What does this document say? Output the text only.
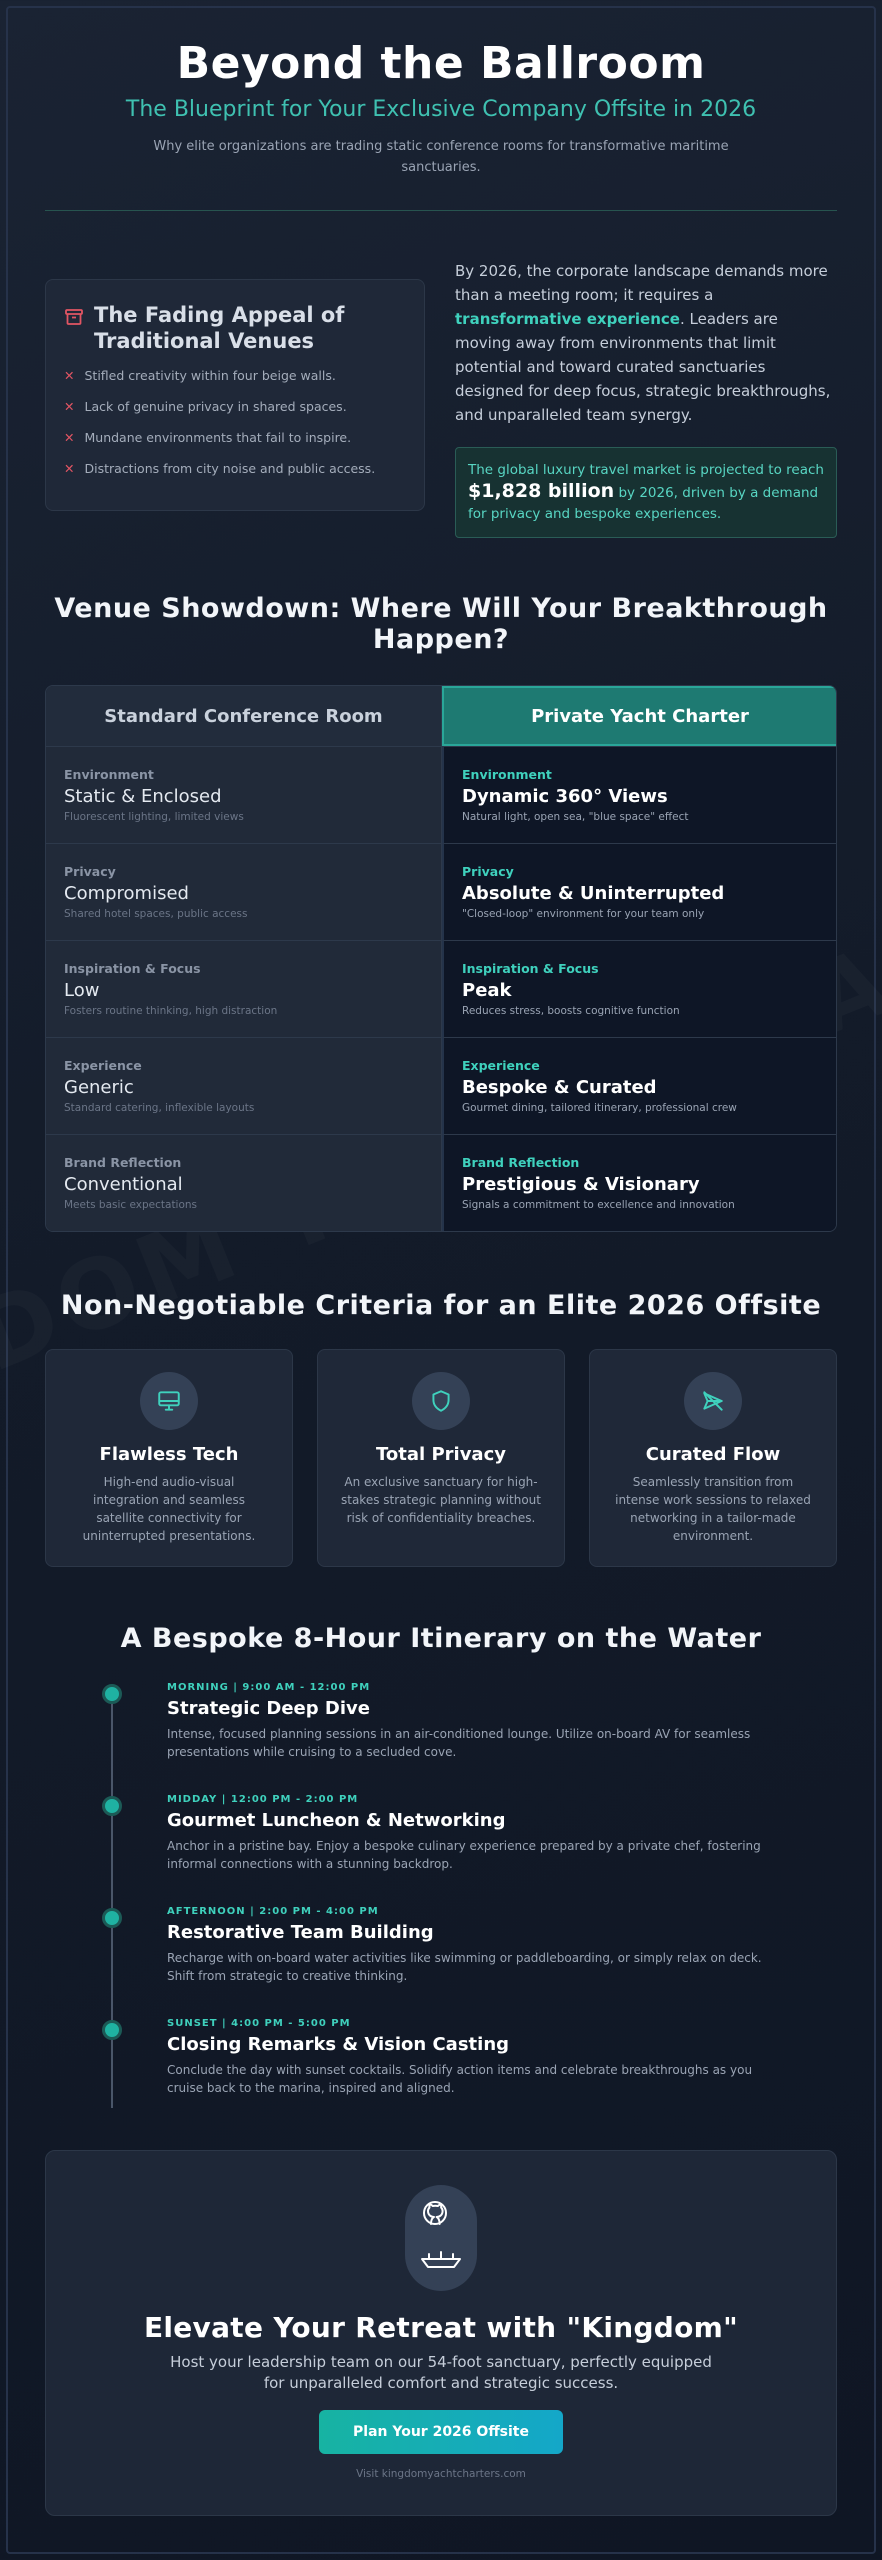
Beyond the Ballroom
The Blueprint for Your Exclusive Company Offsite in 2026

Why elite organizations are trading static conference rooms for transformative maritime sanctuaries.

The Fading Appeal of Traditional Venues
✕ Stifled creativity within four beige walls.
✕ Lack of genuine privacy in shared spaces.
✕ Mundane environments that fail to inspire.
✕ Distractions from city noise and public access.

By 2026, the corporate landscape demands more than a meeting room; it requires a transformative experience. Leaders are moving away from environments that limit potential and toward curated sanctuaries designed for deep focus, strategic breakthroughs, and unparalleled team synergy.

The global luxury travel market is projected to reach $1,828 billion by 2026, driven by a demand for privacy and bespoke experiences.
Venue Showdown: Where Will Your Breakthrough Happen?
Standard Conference Room	Private Yacht Charter
Environment
Static & Enclosed
Fluorescent lighting, limited views
Environment
Dynamic 360° Views
Natural light, open sea, "blue space" effect
Privacy
Compromised
Shared hotel spaces, public access
Privacy
Absolute & Uninterrupted
"Closed-loop" environment for your team only
Inspiration & Focus
Low
Fosters routine thinking, high distraction
Inspiration & Focus
Peak
Reduces stress, boosts cognitive function
Experience
Generic
Standard catering, inflexible layouts
Experience
Bespoke & Curated
Gourmet dining, tailored itinerary, professional crew
Brand Reflection
Conventional
Meets basic expectations
Brand Reflection
Prestigious & Visionary
Signals a commitment to excellence and innovation
Non-Negotiable Criteria for an Elite 2026 Offsite
Flawless Tech

High-end audio-visual integration and seamless satellite connectivity for uninterrupted presentations.

Total Privacy

An exclusive sanctuary for high-stakes strategic planning without risk of confidentiality breaches.

Curated Flow

Seamlessly transition from intense work sessions to relaxed networking in a tailor-made environment.

A Bespoke 8-Hour Itinerary on the Water
MORNING | 9:00 AM - 12:00 PM
Strategic Deep Dive

Intense, focused planning sessions in an air-conditioned lounge. Utilize on-board AV for seamless presentations while cruising to a secluded cove.

MIDDAY | 12:00 PM - 2:00 PM
Gourmet Luncheon & Networking

Anchor in a pristine bay. Enjoy a bespoke culinary experience prepared by a private chef, fostering informal connections with a stunning backdrop.

AFTERNOON | 2:00 PM - 4:00 PM
Restorative Team Building

Recharge with on-board water activities like swimming or paddleboarding, or simply relax on deck. Shift from strategic to creative thinking.

SUNSET | 4:00 PM - 5:00 PM
Closing Remarks & Vision Casting

Conclude the day with sunset cocktails. Solidify action items and celebrate breakthroughs as you cruise back to the marina, inspired and aligned.

Elevate Your Retreat with "Kingdom"

Host your leadership team on our 54-foot sanctuary, perfectly equipped for unparalleled comfort and strategic success.

Plan Your 2026 Offsite
Visit kingdomyachtcharters.com
